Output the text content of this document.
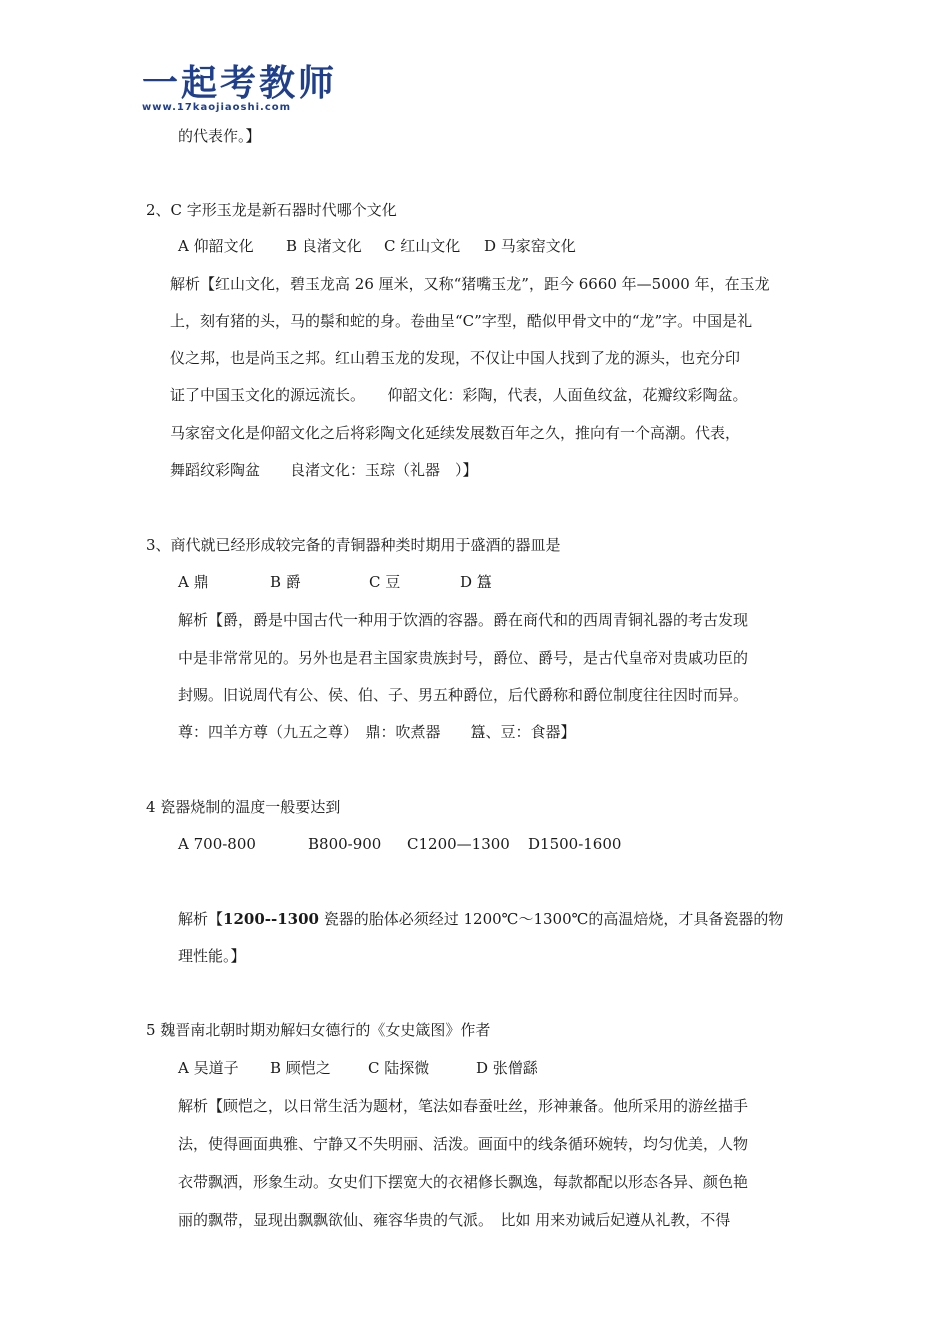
一起考教师
www.17kaojiaoshi.com
的代表作。】
2、C 字形玉龙是新石器时代哪个文化
A 仰韶文化 B 良渚文化 C 红山文化 D 马家窑文化
解析【红山文化，碧玉龙高 26 厘米，又称“猪嘴玉龙”，距今 6660 年—5000 年，在玉龙
上，刻有猪的头，马的鬃和蛇的身。卷曲呈“C”字型，酷似甲骨文中的“龙”字。中国是礼
仪之邦，也是尚玉之邦。红山碧玉龙的发现，不仅让中国人找到了龙的源头，也充分印
证了中国玉文化的源远流长。　　仰韶文化：彩陶，代表，人面鱼纹盆，花瓣纹彩陶盆。
马家窑文化是仰韶文化之后将彩陶文化延续发展数百年之久，推向有一个高潮。代表，
舞蹈纹彩陶盆　　良渚文化：玉琮（礼器　）】
3、商代就已经形成较完备的青铜器种类时期用于盛酒的器皿是
A 鼎	B 爵	C 豆	D 簋
解析【爵，爵是中国古代一种用于饮酒的容器。爵在商代和的西周青铜礼器的考古发现
中是非常常见的。另外也是君主国家贵族封号，爵位、爵号，是古代皇帝对贵戚功臣的
封赐。旧说周代有公、侯、伯、子、男五种爵位，后代爵称和爵位制度往往因时而异。
尊：四羊方尊（九五之尊）　鼎：吹煮器　　簋、豆：食器】
4 瓷器烧制的温度一般要达到
A 700-800	B800-900 C1200—1300 D1500-1600
解析【1200--1300 瓷器的胎体必须经过 1200℃～1300℃的高温焙烧，才具备瓷器的物
理性能。】
5 魏晋南北朝时期劝解妇女德行的《女史箴图》作者
A 吴道子 B 顾恺之 C 陆探微	D 张僧繇
解析【顾恺之，以日常生活为题材，笔法如春蚕吐丝，形神兼备。他所采用的游丝描手
法，使得画面典雅、宁静又不失明丽、活泼。画面中的线条循环婉转，均匀优美，人物
衣带飘洒，形象生动。女史们下摆宽大的衣裙修长飘逸，每款都配以形态各异、颜色艳
丽的飘带，显现出飘飘欲仙、雍容华贵的气派。　比如 用来劝诫后妃遵从礼教，不得
